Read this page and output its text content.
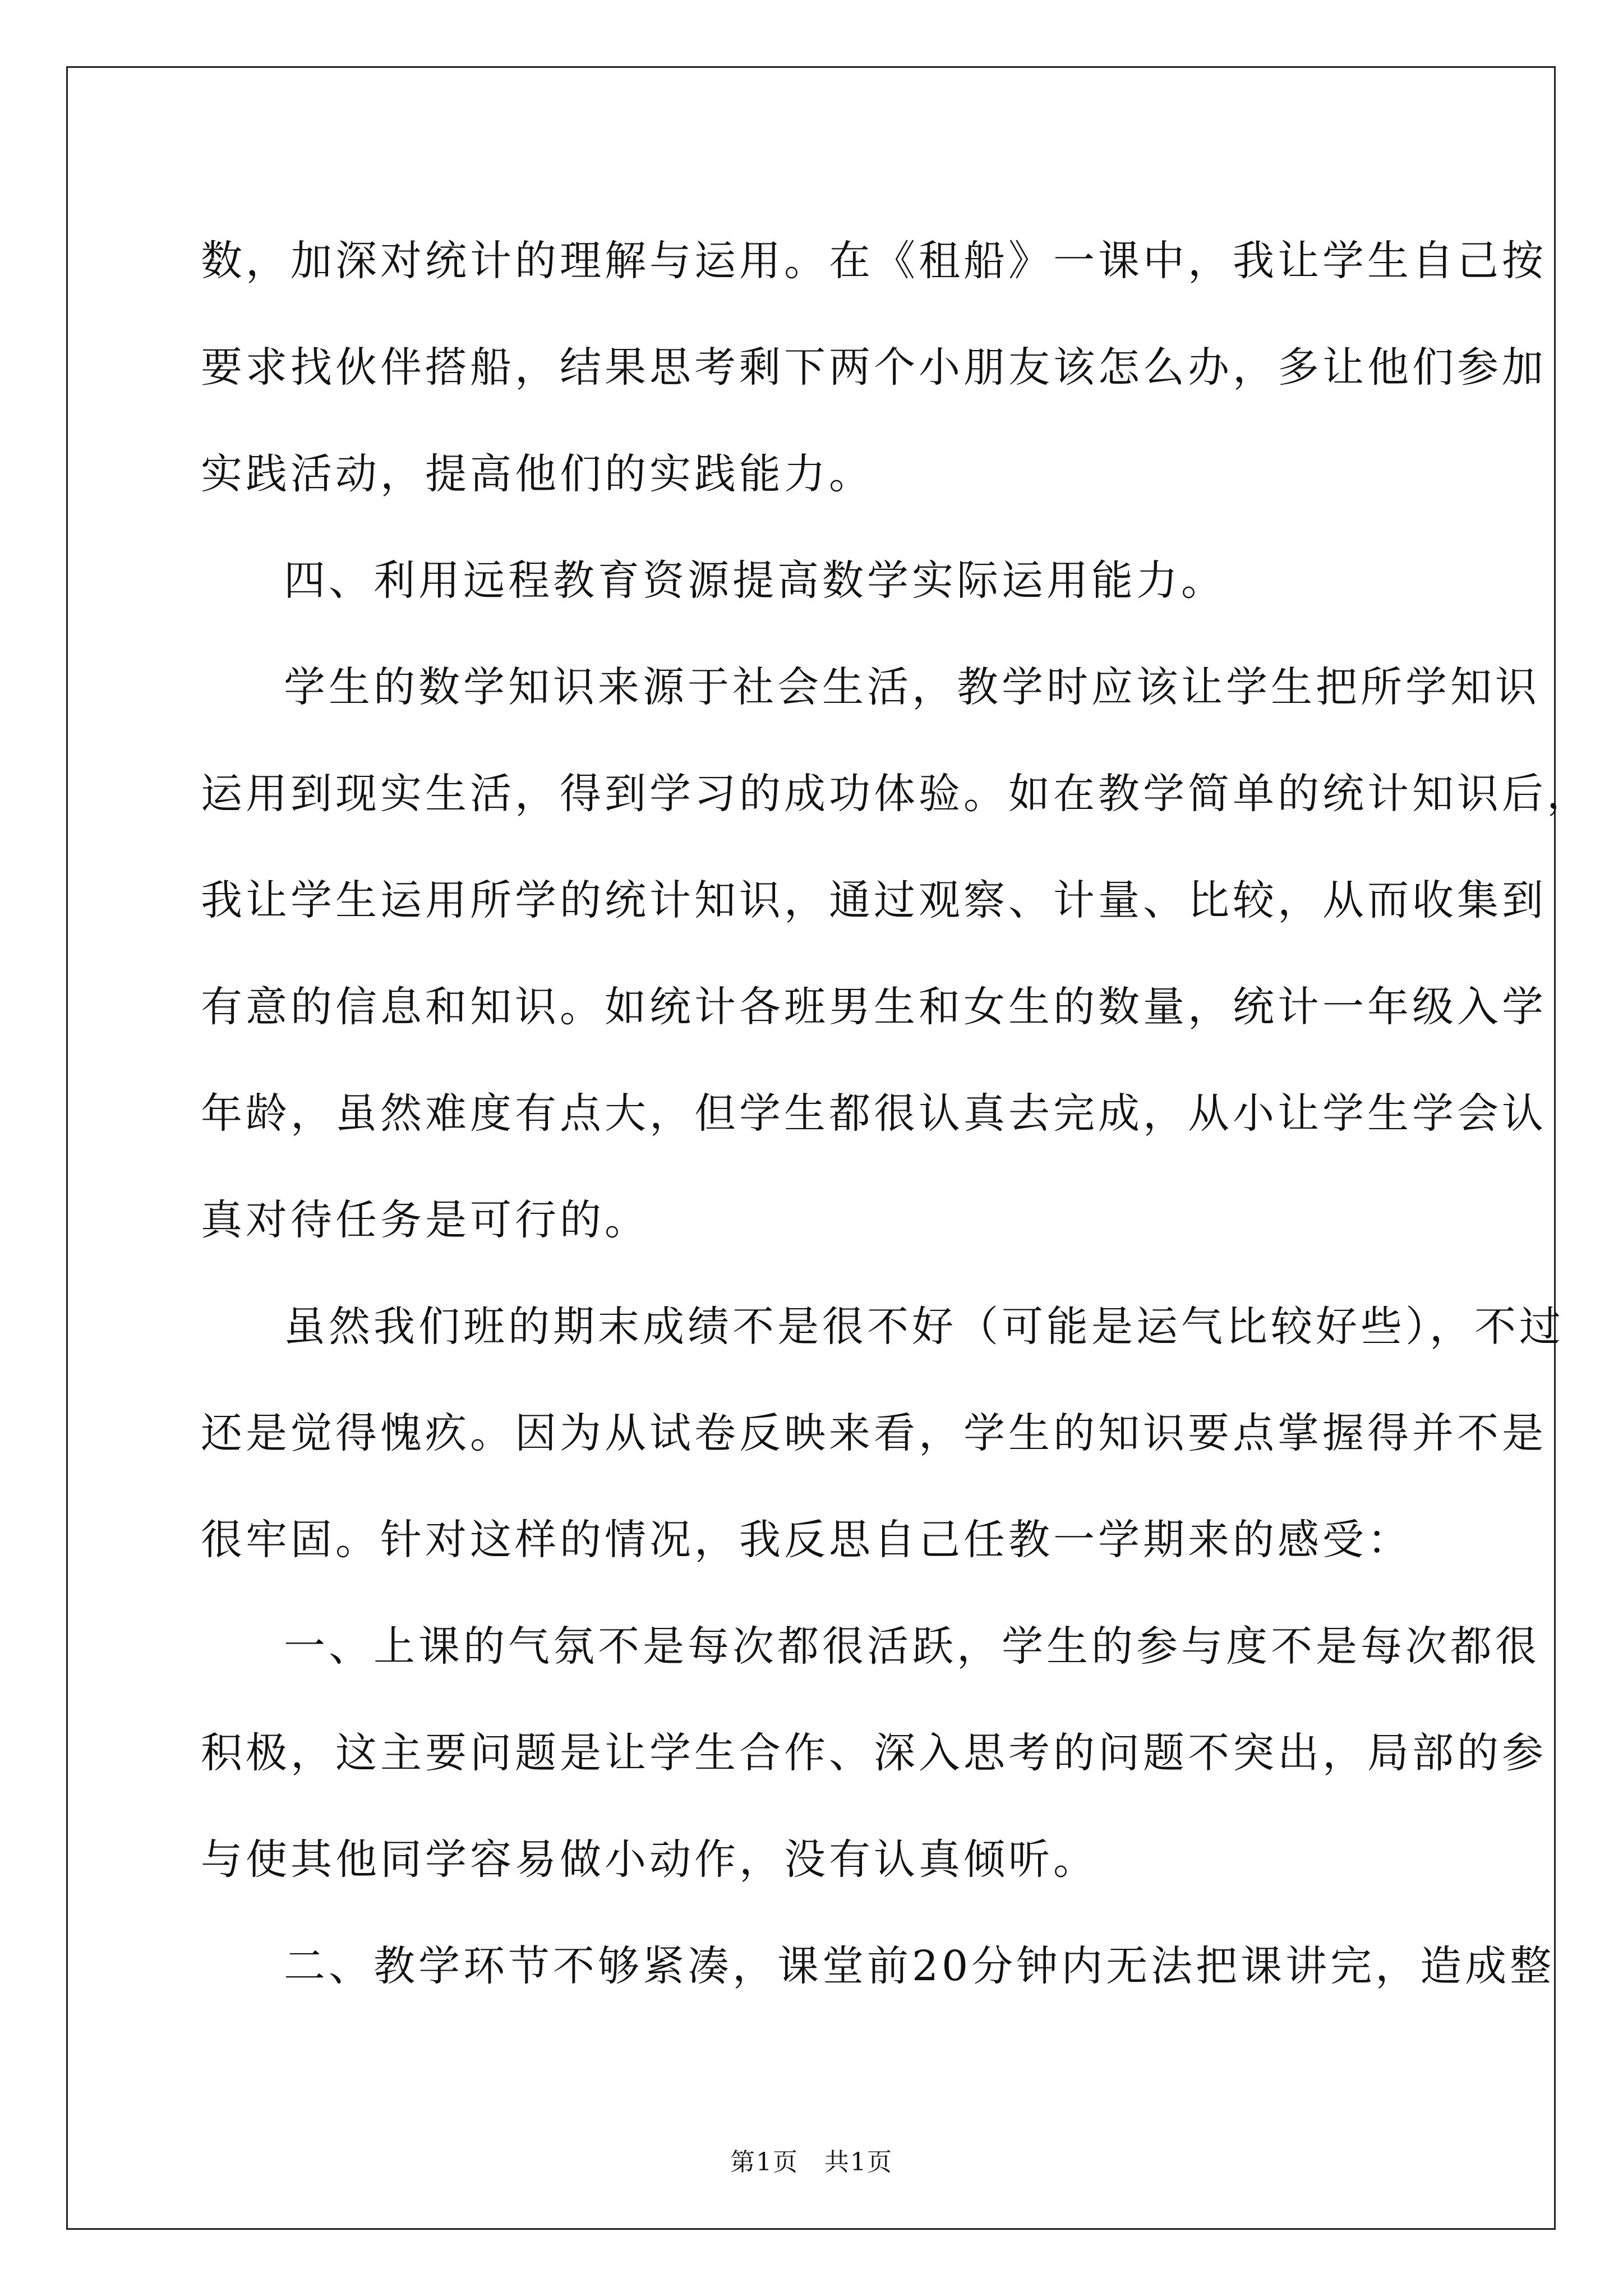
数，加深对统计的理解与运用。在《租船》一课中，我让学生自己按
要求找伙伴搭船，结果思考剩下两个小朋友该怎么办，多让他们参加
实践活动，提高他们的实践能力。
四、利用远程教育资源提高数学实际运用能力。
学生的数学知识来源于社会生活，教学时应该让学生把所学知识
运用到现实生活，得到学习的成功体验。如在教学简单的统计知识后，
我让学生运用所学的统计知识，通过观察、计量、比较，从而收集到
有意的信息和知识。如统计各班男生和女生的数量，统计一年级入学
年龄，虽然难度有点大，但学生都很认真去完成，从小让学生学会认
真对待任务是可行的。
虽然我们班的期末成绩不是很不好（可能是运气比较好些），不过
还是觉得愧疚。因为从试卷反映来看，学生的知识要点掌握得并不是
很牢固。针对这样的情况，我反思自己任教一学期来的感受：
一、上课的气氛不是每次都很活跃，学生的参与度不是每次都很
积极，这主要问题是让学生合作、深入思考的问题不突出，局部的参
与使其他同学容易做小动作，没有认真倾听。
二、教学环节不够紧凑，课堂前20分钟内无法把课讲完，造成整
第1页　共1页
